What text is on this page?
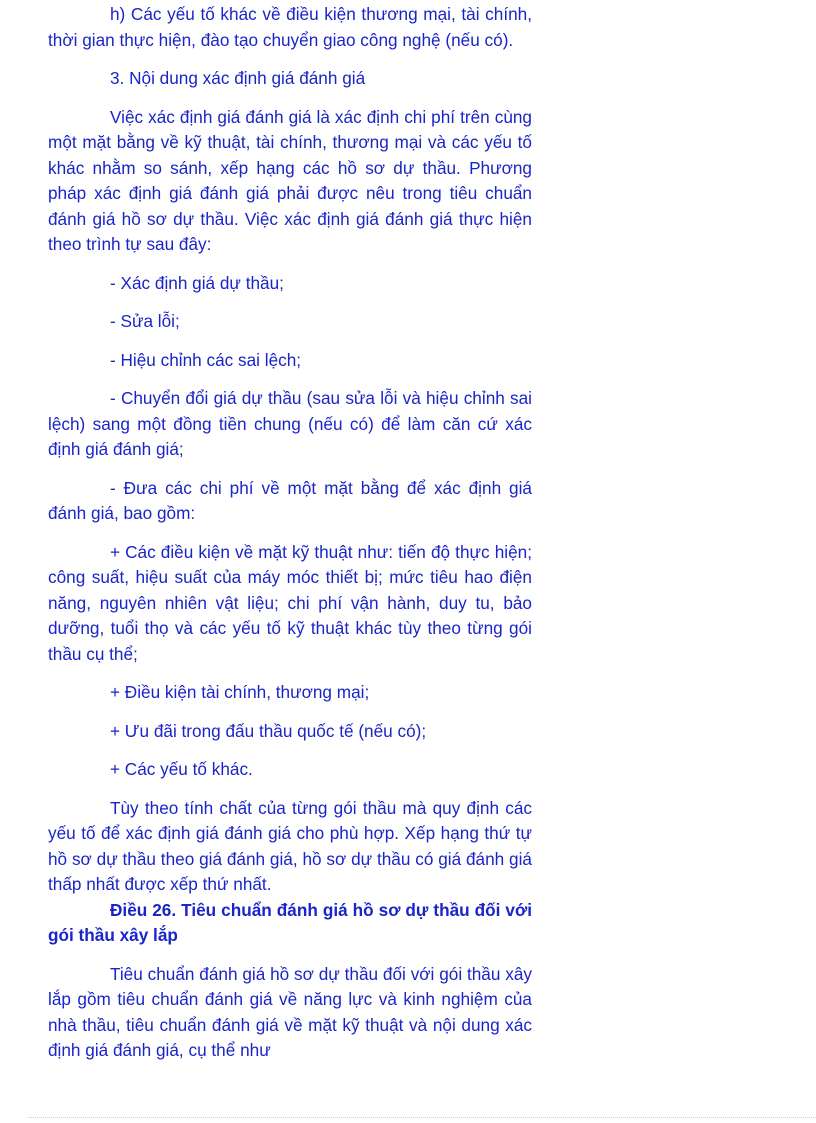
h) Các yếu tố khác về điều kiện thương mại, tài chính, thời gian thực hiện, đào tạo chuyển giao công nghệ (nếu có).

3. Nội dung xác định giá đánh giá

Việc xác định giá đánh giá là xác định chi phí trên cùng một mặt bằng về kỹ thuật, tài chính, thương mại và các yếu tố khác nhằm so sánh, xếp hạng các hồ sơ dự thầu. Phương pháp xác định giá đánh giá phải được nêu trong tiêu chuẩn đánh giá hồ sơ dự thầu. Việc xác định giá đánh giá thực hiện theo trình tự sau đây:

- Xác định giá dự thầu;

- Sửa lỗi;

- Hiệu chỉnh các sai lệch;

- Chuyển đổi giá dự thầu (sau sửa lỗi và hiệu chỉnh sai lệch) sang một đồng tiền chung (nếu có) để làm căn cứ xác định giá đánh giá;

- Đưa các chi phí về một mặt bằng để xác định giá đánh giá, bao gồm:

+ Các điều kiện về mặt kỹ thuật như: tiến độ thực hiện; công suất, hiệu suất của máy móc thiết bị; mức tiêu hao điện năng, nguyên nhiên vật liệu; chi phí vận hành, duy tu, bảo dưỡng, tuổi thọ và các yếu tố kỹ thuật khác tùy theo từng gói thầu cụ thể;

+ Điều kiện tài chính, thương mại;

+ Ưu đãi trong đấu thầu quốc tế (nếu có);

+ Các yếu tố khác.

Tùy theo tính chất của từng gói thầu mà quy định các yếu tố để xác định giá đánh giá cho phù hợp. Xếp hạng thứ tự hồ sơ dự thầu theo giá đánh giá, hồ sơ dự thầu có giá đánh giá thấp nhất được xếp thứ nhất.

Điều 26. Tiêu chuẩn đánh giá hồ sơ dự thầu đối với gói thầu xây lắp

Tiêu chuẩn đánh giá hồ sơ dự thầu đối với gói thầu xây lắp gồm tiêu chuẩn đánh giá về năng lực và kinh nghiệm của nhà thầu, tiêu chuẩn đánh giá về mặt kỹ thuật và nội dung xác định giá đánh giá, cụ thể như
